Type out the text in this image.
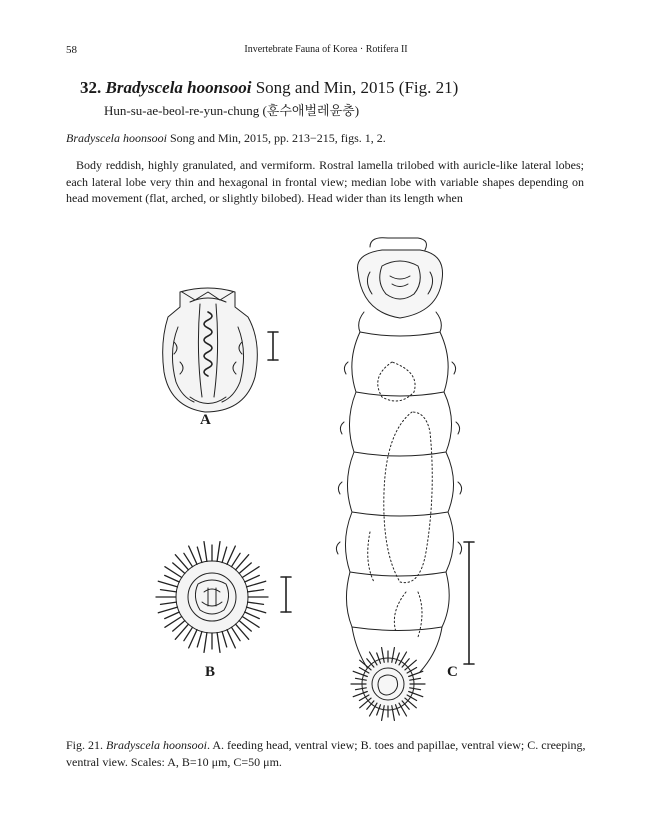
58	Invertebrate Fauna of Korea · Rotifera II
32. Bradyscela hoonsooi Song and Min, 2015 (Fig. 21)
Hun-su-ae-beol-re-yun-chung (훈수애벌레윤충)
Bradyscela hoonsooi Song and Min, 2015, pp. 213−215, figs. 1, 2.

Body reddish, highly granulated, and vermiform. Rostral lamella trilobed with auricle-like lateral lobes; each lateral lobe very thin and hexagonal in frontal view; median lobe with variable shapes depending on head movement (flat, arched, or slightly bilobed). Head wider than its length when

A
B	C

Fig. 21. Bradyscela hoonsooi. A. feeding head, ventral view; B. toes and papillae, ventral view; C. creeping, ventral view. Scales: A, B=10 μm, C=50 μm.
